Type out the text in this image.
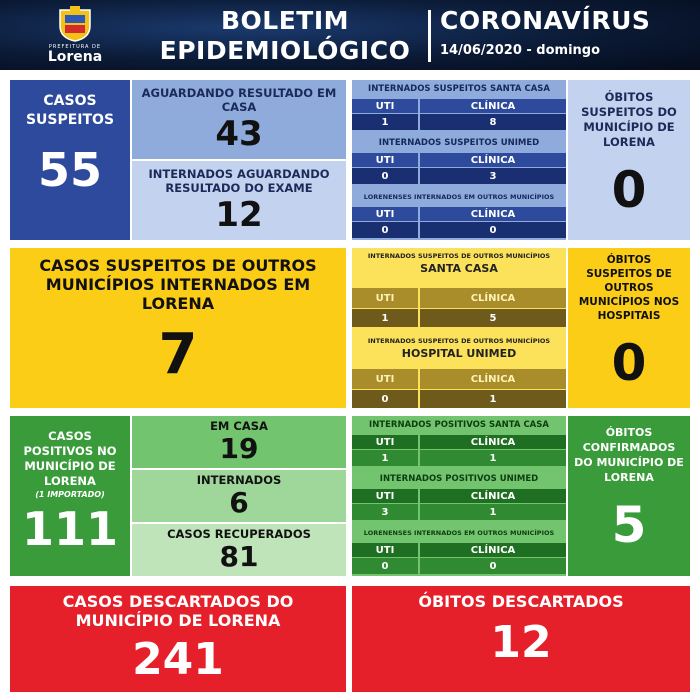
PREFEITURA DE
Lorena
BOLETIM
EPIDEMIOLÓGICO
CORONAVÍRUS
14/06/2020 - domingo
CASOS SUSPEITOS
55
AGUARDANDO RESULTADO EM CASA
43
INTERNADOS AGUARDANDO RESULTADO DO EXAME
12
INTERNADOS SUSPEITOS SANTA CASA
UTI	CLÍNICA
1	8
INTERNADOS SUSPEITOS UNIMED
UTI	CLÍNICA
0	3
LORENENSES INTERNADOS EM OUTROS MUNICÍPIOS
UTI	CLÍNICA
0	0
ÓBITOS SUSPEITOS DO MUNICÍPIO DE LORENA
0
CASOS SUSPEITOS DE OUTROS MUNICÍPIOS INTERNADOS EM LORENA
7
INTERNADOS SUSPEITOS DE OUTROS MUNICÍPIOS
SANTA CASA
UTI	CLÍNICA
1	5
INTERNADOS SUSPEITOS DE OUTROS MUNICÍPIOS
HOSPITAL UNIMED
UTI	CLÍNICA
0	1
ÓBITOS SUSPEITOS DE OUTROS MUNICÍPIOS NOS HOSPITAIS
0
CASOS POSITIVOS NO MUNICÍPIO DE LORENA
(1 IMPORTADO)
111
EM CASA
19
INTERNADOS
6
CASOS RECUPERADOS
81
INTERNADOS POSITIVOS SANTA CASA
UTI	CLÍNICA
1	1
INTERNADOS POSITIVOS UNIMED
UTI	CLÍNICA
3	1
LORENENSES INTERNADOS EM OUTROS MUNICÍPIOS
UTI	CLÍNICA
0	0
ÓBITOS CONFIRMADOS DO MUNICÍPIO DE LORENA
5
CASOS DESCARTADOS DO MUNICÍPIO DE LORENA
241
ÓBITOS DESCARTADOS
12
